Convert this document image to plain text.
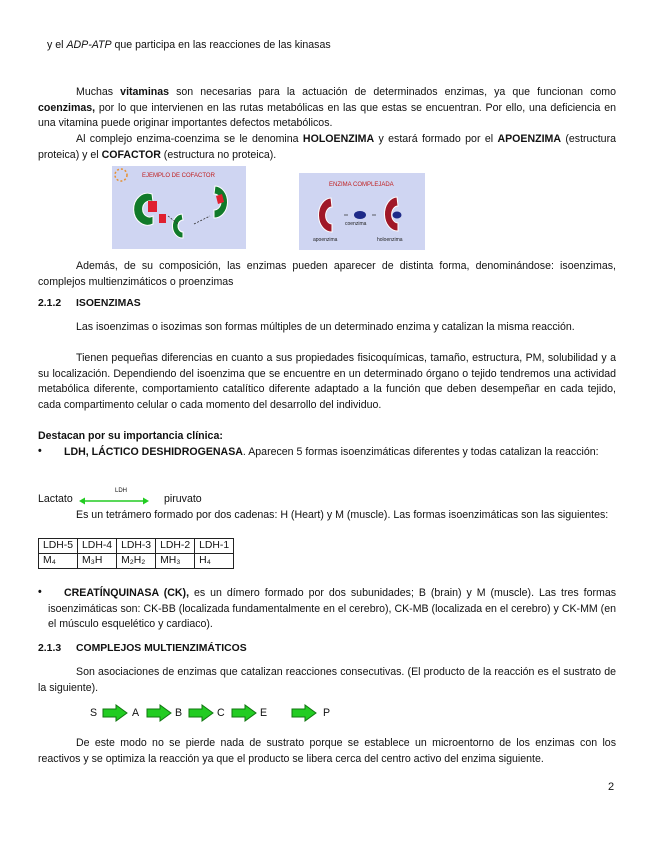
y el ADP-ATP que participa en las reacciones de las kinasas

Muchas vitaminas son necesarias para la actuación de determinados enzimas, ya que funcionan como coenzimas, por lo que intervienen en las rutas metabólicas en las que estas se encuentran. Por ello, una deficiencia en una vitamina puede originar importantes defectos metabólicos.

Al complejo enzima-coenzima se le denomina HOLOENZIMA y estará formado por el APOENZIMA (estructura proteica) y el COFACTOR (estructura no proteica).

EJEMPLO DE COFACTOR
ENZIMA COMPLEJADA
coenzima
apoenzima	holoenzima

Además, de su composición, las enzimas pueden aparecer de distinta forma, denominándose: isoenzimas, complejos multienzimáticos o proenzimas

2.1.2 ISOENZIMAS

Las isoenzimas o isozimas son formas múltiples de un determinado enzima y catalizan la misma reacción.

Tienen pequeñas diferencias en cuanto a sus propiedades fisicoquímicas, tamaño, estructura, PM, solubilidad y a su localización. Dependiendo del isoenzima que se encuentre en un determinado órgano o tejido tendremos una actividad metabólica diferente, comportamiento catalítico diferente adaptado a la función que deben desempeñar en cada tejido, cada compartimento celular o cada momento del desarrollo del individuo.

Destacan por su importancia clínica:

•	LDH, LÁCTICO DESHIDROGENASA. Aparecen 5 formas isoenzimáticas diferentes y todas catalizan la reacción:

Lactato
LDH
piruvato

Es un tetrámero formado por dos cadenas: H (Heart) y M (muscle). Las formas isoenzimáticas son las siguientes:

LDH-5	LDH-4	LDH-3	LDH-2	LDH-1
M₄	M₃H	M₂H₂	MH₃	H₄
•	CREATÍNQUINASA (CK), es un dímero formado por dos subunidades; B (brain) y M (muscle). Las tres formas isoenzimáticas son: CK-BB (localizada fundamentalmente en el cerebro), CK-MB (localizada en el cerebro) y CK-MM (en el músculo esquelético y cardiaco).

2.1.3 COMPLEJOS MULTIENZIMÁTICOS

Son asociaciones de enzimas que catalizan reacciones consecutivas. (El producto de la reacción es el sustrato de la siguiente).

S	A	B	C	E	P

De este modo no se pierde nada de sustrato porque se establece un microentorno de los enzimas con los reactivos y se optimiza la reacción ya que el producto se libera cerca del centro activo del enzima siguiente.

2
